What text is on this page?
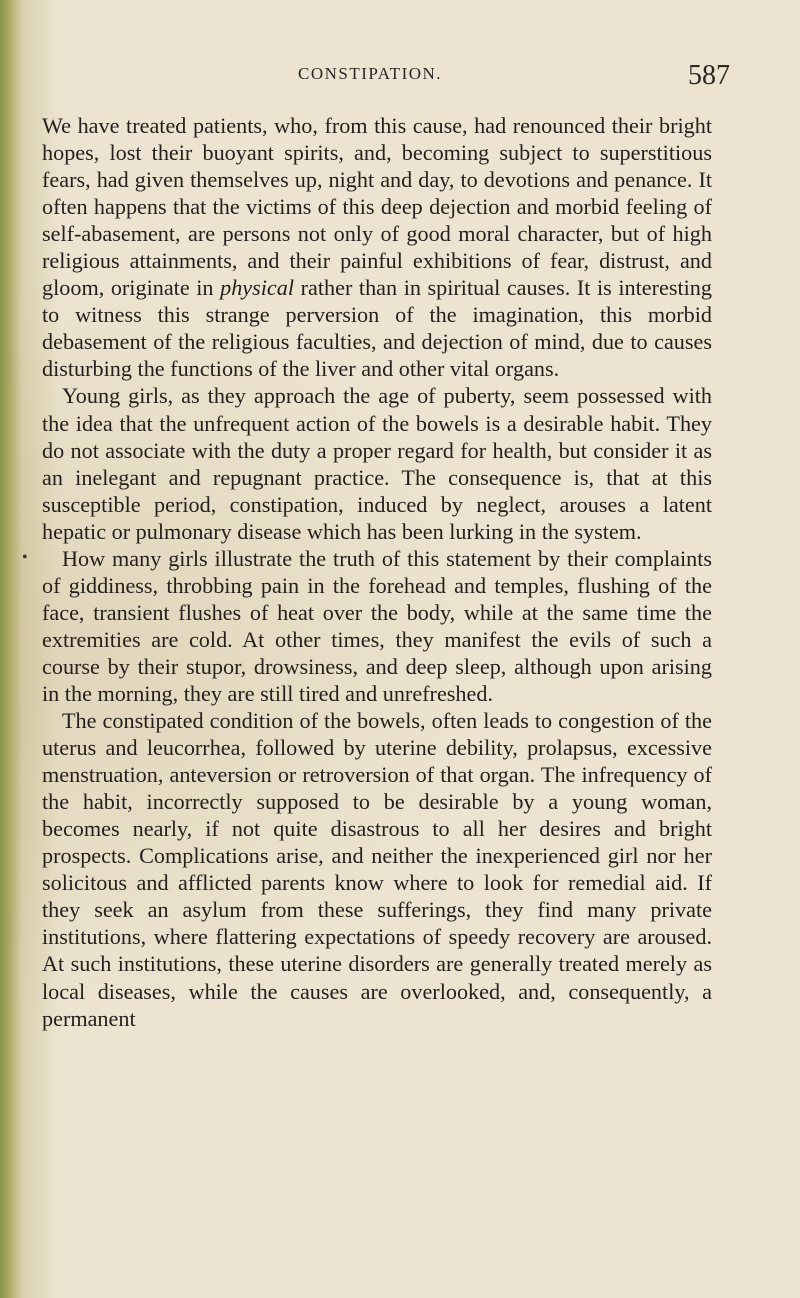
CONSTIPATION.	587
•

We have treated patients, who, from this cause, had renounced their bright hopes, lost their buoyant spirits, and, becoming subject to superstitious fears, had given themselves up, night and day, to devotions and penance. It often happens that the victims of this deep dejection and morbid feeling of self-abasement, are persons not only of good moral character, but of high religious attainments, and their painful exhibitions of fear, distrust, and gloom, originate in physical rather than in spiritual causes. It is interesting to witness this strange perversion of the imagination, this morbid debasement of the religious faculties, and dejection of mind, due to causes disturbing the functions of the liver and other vital organs.

Young girls, as they approach the age of puberty, seem possessed with the idea that the unfrequent action of the bowels is a desirable habit. They do not associate with the duty a proper regard for health, but consider it as an inelegant and repugnant practice. The consequence is, that at this susceptible period, constipation, induced by neglect, arouses a latent hepatic or pulmonary disease which has been lurking in the system.

How many girls illustrate the truth of this statement by their complaints of giddiness, throbbing pain in the forehead and temples, flushing of the face, transient flushes of heat over the body, while at the same time the extremities are cold. At other times, they manifest the evils of such a course by their stupor, drowsiness, and deep sleep, although upon arising in the morning, they are still tired and unrefreshed.

The constipated condition of the bowels, often leads to congestion of the uterus and leucorrhea, followed by uterine debility, prolapsus, excessive menstruation, anteversion or retroversion of that organ. The infrequency of the habit, incorrectly supposed to be desirable by a young woman, becomes nearly, if not quite disastrous to all her desires and bright prospects. Complications arise, and neither the inexperienced girl nor her solicitous and afflicted parents know where to look for remedial aid. If they seek an asylum from these sufferings, they find many private institutions, where flattering expectations of speedy recovery are aroused. At such institutions, these uterine disorders are generally treated merely as local diseases, while the causes are overlooked, and, consequently, a permanent
